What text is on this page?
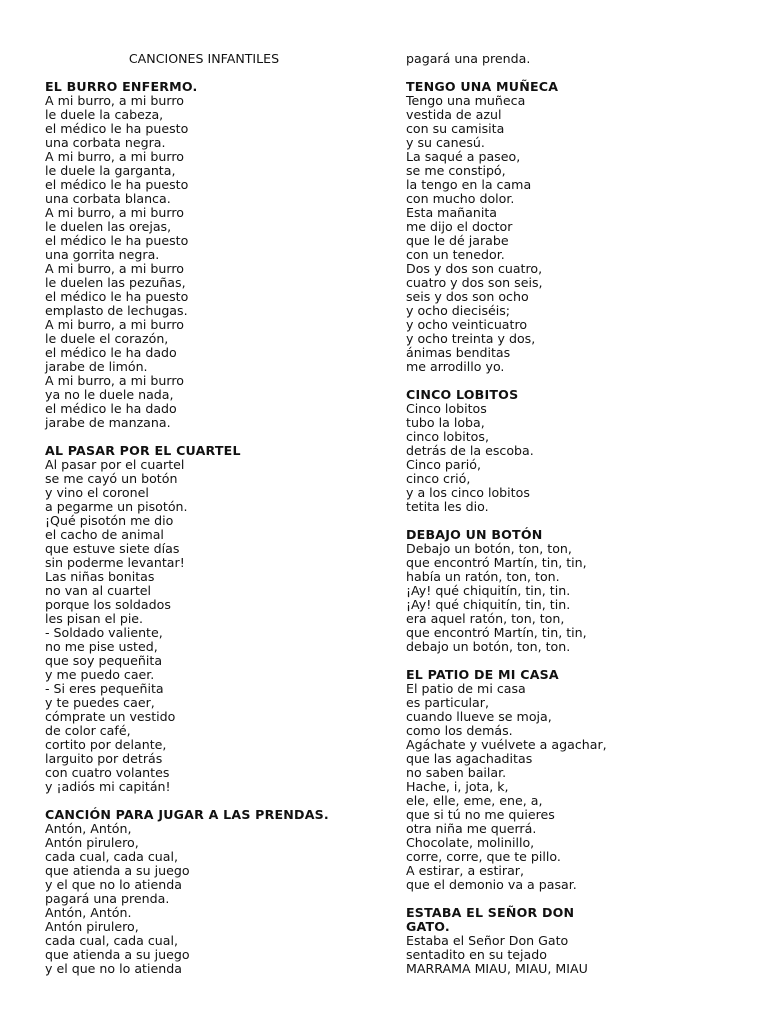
CANCIONES INFANTILES

EL BURRO ENFERMO.

A mi burro, a mi burro

le duele la cabeza,

el médico le ha puesto

una corbata negra.

A mi burro, a mi burro

le duele la garganta,

el médico le ha puesto

una corbata blanca.

A mi burro, a mi burro

le duelen las orejas,

el médico le ha puesto

una gorrita negra.

A mi burro, a mi burro

le duelen las pezuñas,

el médico le ha puesto

emplasto de lechugas.

A mi burro, a mi burro

le duele el corazón,

el médico le ha dado

jarabe de limón.

A mi burro, a mi burro

ya no le duele nada,

el médico le ha dado

jarabe de manzana.

AL PASAR POR EL CUARTEL

Al pasar por el cuartel

se me cayó un botón

y vino el coronel

a pegarme un pisotón.

¡Qué pisotón me dio

el cacho de animal

que estuve siete días

sin poderme levantar!

Las niñas bonitas

no van al cuartel

porque los soldados

les pisan el pie.

- Soldado valiente,

no me pise usted,

que soy pequeñita

y me puedo caer.

- Si eres pequeñita

y te puedes caer,

cómprate un vestido

de color café,

cortito por delante,

larguito por detrás

con cuatro volantes

y ¡adiós mi capitán!

CANCIÓN PARA JUGAR A LAS PRENDAS.

Antón, Antón,

Antón pirulero,

cada cual, cada cual,

que atienda a su juego

y el que no lo atienda

pagará una prenda.

Antón, Antón.

Antón pirulero,

cada cual, cada cual,

que atienda a su juego

y el que no lo atienda

pagará una prenda.

TENGO UNA MUÑECA

Tengo una muñeca

vestida de azul

con su camisita

y su canesú.

La saqué a paseo,

se me constipó,

la tengo en la cama

con mucho dolor.

Esta mañanita

me dijo el doctor

que le dé jarabe

con un tenedor.

Dos y dos son cuatro,

cuatro y dos son seis,

seis y dos son ocho

y ocho dieciséis;

y ocho veinticuatro

y ocho treinta y dos,

ánimas benditas

me arrodillo yo.

CINCO LOBITOS

Cinco lobitos

tubo la loba,

cinco lobitos,

detrás de la escoba.

Cinco parió,

cinco crió,

y a los cinco lobitos

tetita les dio.

DEBAJO UN BOTÓN

Debajo un botón, ton, ton,

que encontró Martín, tin, tin,

había un ratón, ton, ton.

¡Ay! qué chiquitín, tin, tin.

¡Ay! qué chiquitín, tin, tin.

era aquel ratón, ton, ton,

que encontró Martín, tin, tin,

debajo un botón, ton, ton.

EL PATIO DE MI CASA

El patio de mi casa

es particular,

cuando llueve se moja,

como los demás.

Agáchate y vuélvete a agachar,

que las agachaditas

no saben bailar.

Hache, i, jota, k,

ele, elle, eme, ene, a,

que si tú no me quieres

otra niña me querrá.

Chocolate, molinillo,

corre, corre, que te pillo.

A estirar, a estirar,

que el demonio va a pasar.

ESTABA EL SEÑOR DON

GATO.

Estaba el Señor Don Gato

sentadito en su tejado

MARRAMA MIAU, MIAU, MIAU
